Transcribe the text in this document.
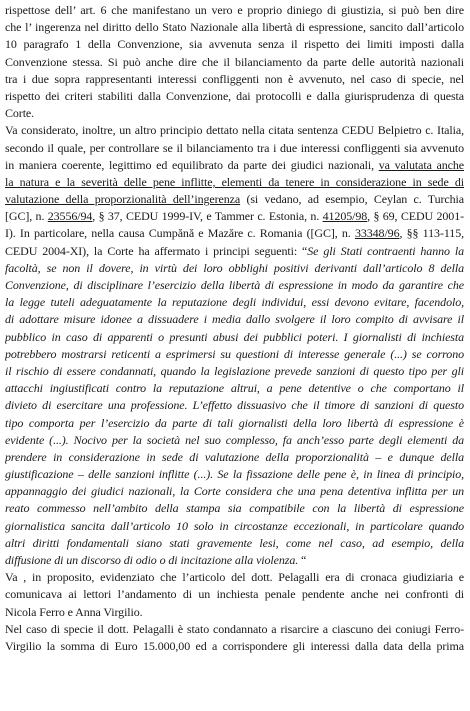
rispettose dell’ art. 6 che manifestano un vero e proprio diniego di giustizia, si può ben dire
che l’ ingerenza nel diritto dello Stato Nazionale alla libertà di espressione, sancito dall’articolo
10 paragrafo 1 della Convenzione, sia avvenuta senza il rispetto dei limiti imposti dalla
Convenzione stessa. Si può anche dire che il bilanciamento da parte delle autorità nazionali
tra i due sopra rappresentanti interessi confliggenti non è avvenuto, nel caso di specie, nel
rispetto dei criteri stabiliti dalla Convenzione, dai protocolli e dalla giurisprudenza di questa
Corte.
Va considerato, inoltre, un altro principio dettato nella citata sentenza CEDU Belpietro c. Italia,
secondo il quale, per controllare se il bilanciamento tra i due interessi confliggenti sia avvenuto
in maniera coerente, legittimo ed equilibrato da parte dei giudici nazionali, va valutata anche
la natura e la severità delle pene inflitte, elementi da tenere in considerazione in sede di
valutazione della proporzionalità dell’ingerenza (si vedano, ad esempio, Ceylan c. Turchia
[GC], n. 23556/94, § 37, CEDU 1999-IV, e Tammer c. Estonia, n. 41205/98, § 69, CEDU 2001-
I). In particolare, nella causa Cumpănă e Mazăre c. Romania ([GC], n. 33348/96, §§ 113-115,
CEDU 2004-XI), la Corte ha affermato i principi seguenti: “Se gli Stati contraenti hanno la
facoltà, se non il dovere, in virtù dei loro obblighi positivi derivanti dall’articolo 8 della
Convenzione, di disciplinare l’esercizio della libertà di espressione in modo da garantire che
la legge tuteli adeguatamente la reputazione degli individui, essi devono evitare, facendolo,
di adottare misure idonee a dissuadere i media dallo svolgere il loro compito di avvisare il
pubblico in caso di apparenti o presunti abusi dei pubblici poteri. I giornalisti di inchiesta
potrebbero mostrarsi reticenti a esprimersi su questioni di interesse generale (...) se corrono
il rischio di essere condannati, quando la legislazione prevede sanzioni di questo tipo per gli
attacchi ingiustificati contro la reputazione altrui, a pene detentive o che comportano il
divieto di esercitare una professione. L’effetto dissuasivo che il timore di sanzioni di questo
tipo comporta per l’esercizio da parte di tali giornalisti della loro libertà di espressione è
evidente (...). Nocivo per la società nel suo complesso, fa anch’esso parte degli elementi da
prendere in considerazione in sede di valutazione della proporzionalità – e dunque della
giustificazione – delle sanzioni inflitte (...). Se la fissazione delle pene è, in linea di principio,
appannaggio dei giudici nazionali, la Corte considera che una pena detentiva inflitta per un
reato commesso nell’ambito della stampa sia compatibile con la libertà di espressione
giornalistica sancita dall’articolo 10 solo in circostanze eccezionali, in particolare quando
altri diritti fondamentali siano stati gravemente lesi, come nel caso, ad esempio, della
diffusione di un discorso di odio o di incitazione alla violenza. “
Va , in proposito, evidenziato che l’articolo del dott. Pelagalli era di cronaca giudiziaria e
comunicava ai lettori l’andamento di un inchiesta penale pendente anche nei confronti di
Nicola Ferro e Anna Virgilio.
Nel caso di specie il dott. Pelagalli è stato condannato a risarcire a ciascuno dei coniugi Ferro-
Virgilio la somma di Euro 15.000,00 ed a corrispondere gli interessi dalla data della prima
